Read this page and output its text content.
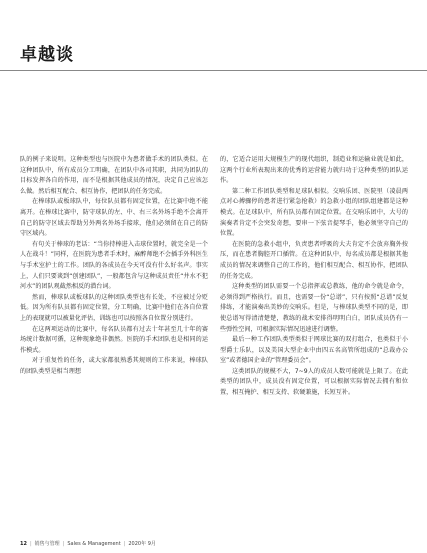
卓越谈

队的例子来说明。这种类型也与医院中为患者做手术的团队类似。在这种团队中，所有成员分工明确，在团队中各司其职，共同为团队的目标发挥各自的作用，而不是根据其他成员的情况，决定自己应该怎么做。然后相互配合、相互协作，把团队的任务完成。

在棒球队或板球队中，每位队员都有固定位置，在比赛中绝不能离开。在棒球比赛中，防守球队的左、中、右三名外场手绝不会离开自己的防守区域去帮助另外两名外场手接球，他们必须留在自己的防守区域内。

有句关于棒球的老话：“当你持棒进入击球位置时，就完全是一个人在战斗！”同样，在医院为患者手术时，麻醉师绝不会插手外科医生与手术室护士的工作。团队的各成员在今天可没有什么好名声。事实上，人们只要谈到“创建团队”，一般都包含与这种成员责任“井水不犯河水”的团队观截然相反的潜台词。

然而，棒球队或板球队的这种团队类型也有长处，不应被过分贬低。因为所有队员都有固定位置，分工明确，比赛中他们在各自位置上的表现就可以被量化评估，训练也可以按照各自位置分别进行。

在这两项运动的比赛中，每名队员都有过去十年甚至几十年的赛场统计数据可循，这种现象绝非偶然。医院的手术团队也是相同的运作模式。

对于重复性的任务，或大家都很熟悉其规则的工作来说，棒球队的团队类型是相当理想

的，它适合运用大规模生产的现代组织，制造业和运输业就是如此，这两个行业所表现出来的优秀的运营能力就归功于这种类型的团队运作。

第二种工作团队类型和足球队相似。交响乐团、医院里（凌晨两点对心搏骤停的患者进行紧急抢救）的急救小组的团队组建都是这种模式。在足球队中，所有队员都有固定位置。在交响乐团中，大号的演奏者肯定不会突发奇想，要串一下弦音提琴手，他必须坚守自己的位置。

在医院的急救小组中，负责患者呼吸的大夫肯定不会放弃胸外按压，而在患者胸腔开口插管。在这种团队中，每名成员都是根据其他成员的情况来调整自己的工作的，他们相互配合、相互协作，把团队的任务完成。

这种类型的团队需要一个总指挥或总教练，他的命令就是命令，必须得到严格执行。而且，也需要一份“总谱”，只有按照“总谱”反复排练，才能演奏出美妙的交响乐。但是，与棒球队类型不同的是，即使总谱写得清清楚楚，教练的战术安排得明明白白，团队成员仍有一些弹性空间，可根据实际情况迅速进行调整。

最后一种工作团队类型类似于网球比赛的双打组合，也类似于小型爵士乐队，以及美国大型企业中由四五名高管所组成的“总裁办公室”或者德国企业的“管理委员会”。

这类团队的规模不大，7~9人的成员人数可能就是上限了。在此类型的团队中，成员没有固定位置，可以根据实际情况去拥有和位置，相互掩护、相互支持、软硬兼施，长短互补。

12 | 销售与管理 | Sales & Management | 2020年 9月
